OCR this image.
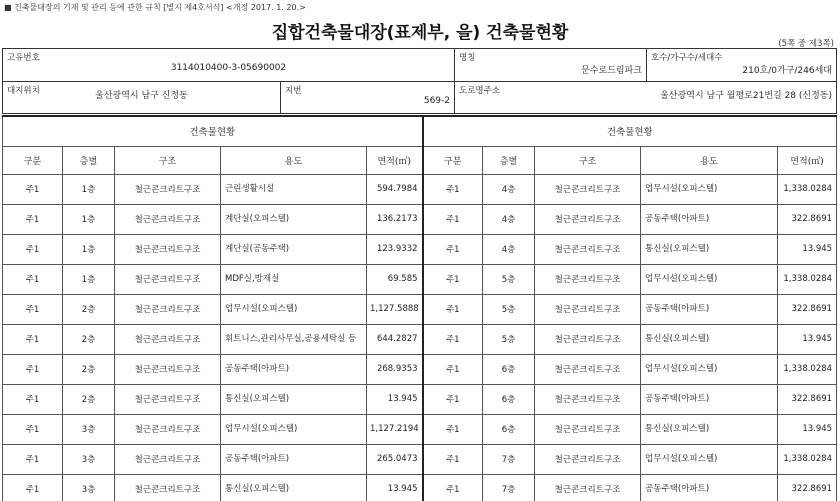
■ 건축물대장의 기재 및 관리 등에 관한 규칙 [별지 제4호서식] <개정 2017. 1. 20.>
집합건축물대장(표제부, 을) 건축물현황
(5쪽 중 제3쪽)
고유번호
3114010400-3-05690002

명칭
문수로드림파크

호수/가구수/세대수
210호/0가구/246세대
대지위치	울산광역시 남구 신정동	지번
569-2

도로명주소	울산광역시 남구 월평로21번길 28 (신정동)
건축물현황					건축물현황				
구분	층별	구조	용도	면적(㎡)	구분	층별	구조	용도	면적(㎡)
주1	1층	철근콘크리트구조	근린생활시설	594.7984	주1	4층	철근콘크리트구조	업무시설(오피스텔)	1,338.0284
주1	1층	철근콘크리트구조	계단실(오피스텔)	136.2173	주1	4층	철근콘크리트구조	공동주택(아파트)	322.8691
주1	1층	철근콘크리트구조	계단실(공동주택)	123.9332	주1	4층	철근콘크리트구조	통신실(오피스텔)	13.945
주1	1층	철근콘크리트구조	MDF실,방재실	69.585	주1	5층	철근콘크리트구조	업무시설(오피스텔)	1,338.0284
주1	2층	철근콘크리트구조	업무시설(오피스텔)	1,127.5888	주1	5층	철근콘크리트구조	공동주택(아파트)	322.8691
주1	2층	철근콘크리트구조	휘트니스,관리사무실,공용세탁실 등	644.2827	주1	5층	철근콘크리트구조	통신실(오피스텔)	13.945
주1	2층	철근콘크리트구조	공동주택(아파트)	268.9353	주1	6층	철근콘크리트구조	업무시설(오피스텔)	1,338.0284
주1	2층	철근콘크리트구조	통신실(오피스텔)	13.945	주1	6층	철근콘크리트구조	공동주택(아파트)	322.8691
주1	3층	철근콘크리트구조	업무시설(오피스텔)	1,127.2194	주1	6층	철근콘크리트구조	통신실(오피스텔)	13.945
주1	3층	철근콘크리트구조	공동주택(아파트)	265.0473	주1	7층	철근콘크리트구조	업무시설(오피스텔)	1,338.0284
주1	3층	철근콘크리트구조	통신실(오피스텔)	13.945	주1	7층	철근콘크리트구조	공동주택(아파트)	322.8691
